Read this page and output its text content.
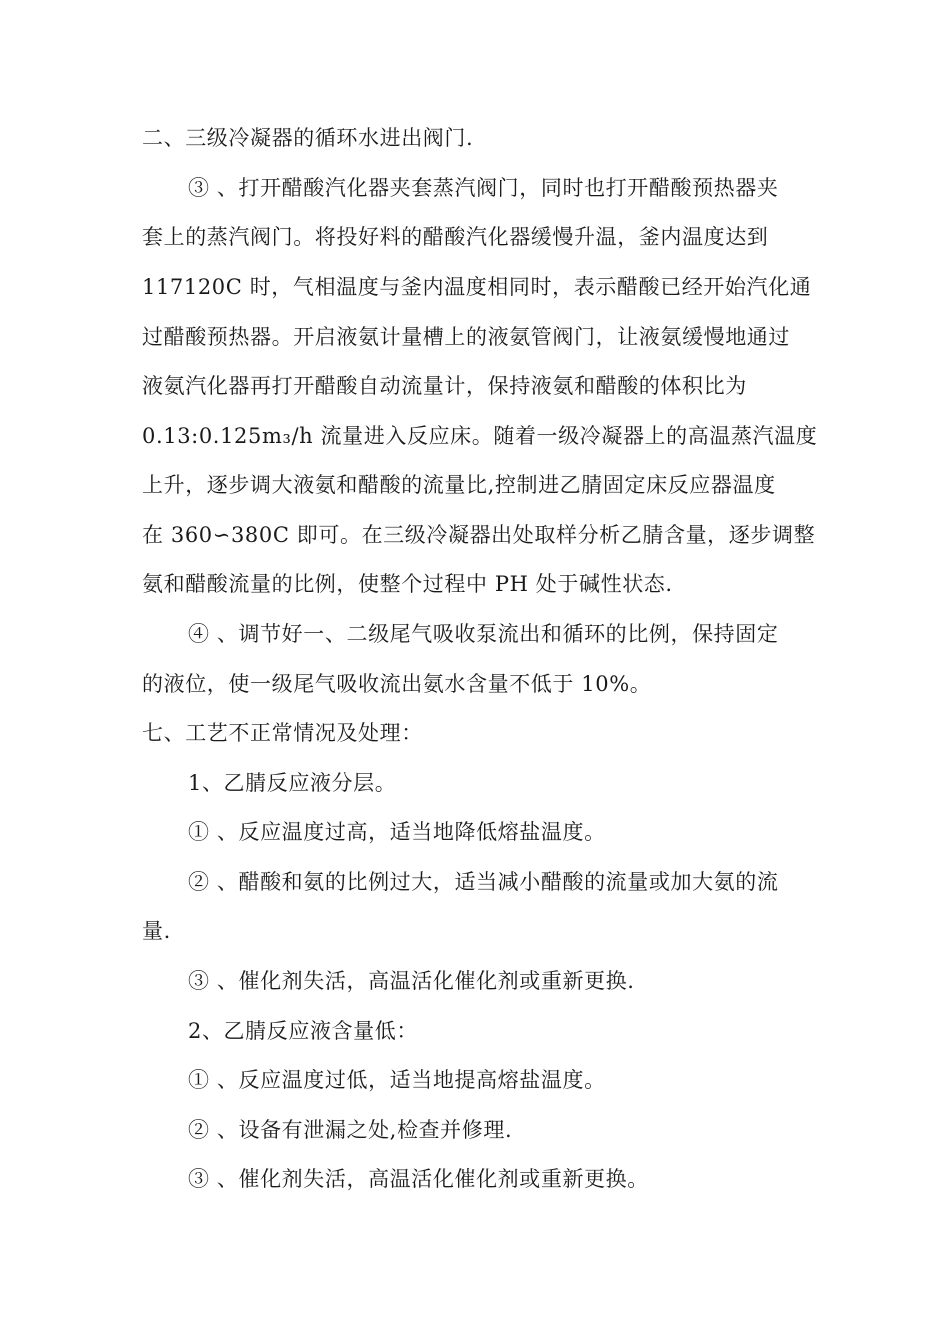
二、三级冷凝器的循环水进出阀门.
③ 、打开醋酸汽化器夹套蒸汽阀门，同时也打开醋酸预热器夹
套上的蒸汽阀门。将投好料的醋酸汽化器缓慢升温，釜内温度达到
117120C 时，气相温度与釜内温度相同时，表示醋酸已经开始汽化通
过醋酸预热器。开启液氨计量槽上的液氨管阀门，让液氨缓慢地通过
液氨汽化器再打开醋酸自动流量计，保持液氨和醋酸的体积比为
0.13:0.125m₃/h 流量进入反应床。随着一级冷凝器上的高温蒸汽温度
上升，逐步调大液氨和醋酸的流量比,控制进乙腈固定床反应器温度
在 360∽380C 即可。在三级冷凝器出处取样分析乙腈含量，逐步调整
氨和醋酸流量的比例，使整个过程中 PH 处于碱性状态.
④ 、调节好一、二级尾气吸收泵流出和循环的比例，保持固定
的液位，使一级尾气吸收流出氨水含量不低于 10%。
七、工艺不正常情况及处理：
1、乙腈反应液分层。
① 、反应温度过高，适当地降低熔盐温度。
② 、醋酸和氨的比例过大，适当减小醋酸的流量或加大氨的流
量.
③ 、催化剂失活，高温活化催化剂或重新更换.
2、乙腈反应液含量低：
① 、反应温度过低，适当地提高熔盐温度。
② 、设备有泄漏之处,检查并修理.
③ 、催化剂失活，高温活化催化剂或重新更换。
